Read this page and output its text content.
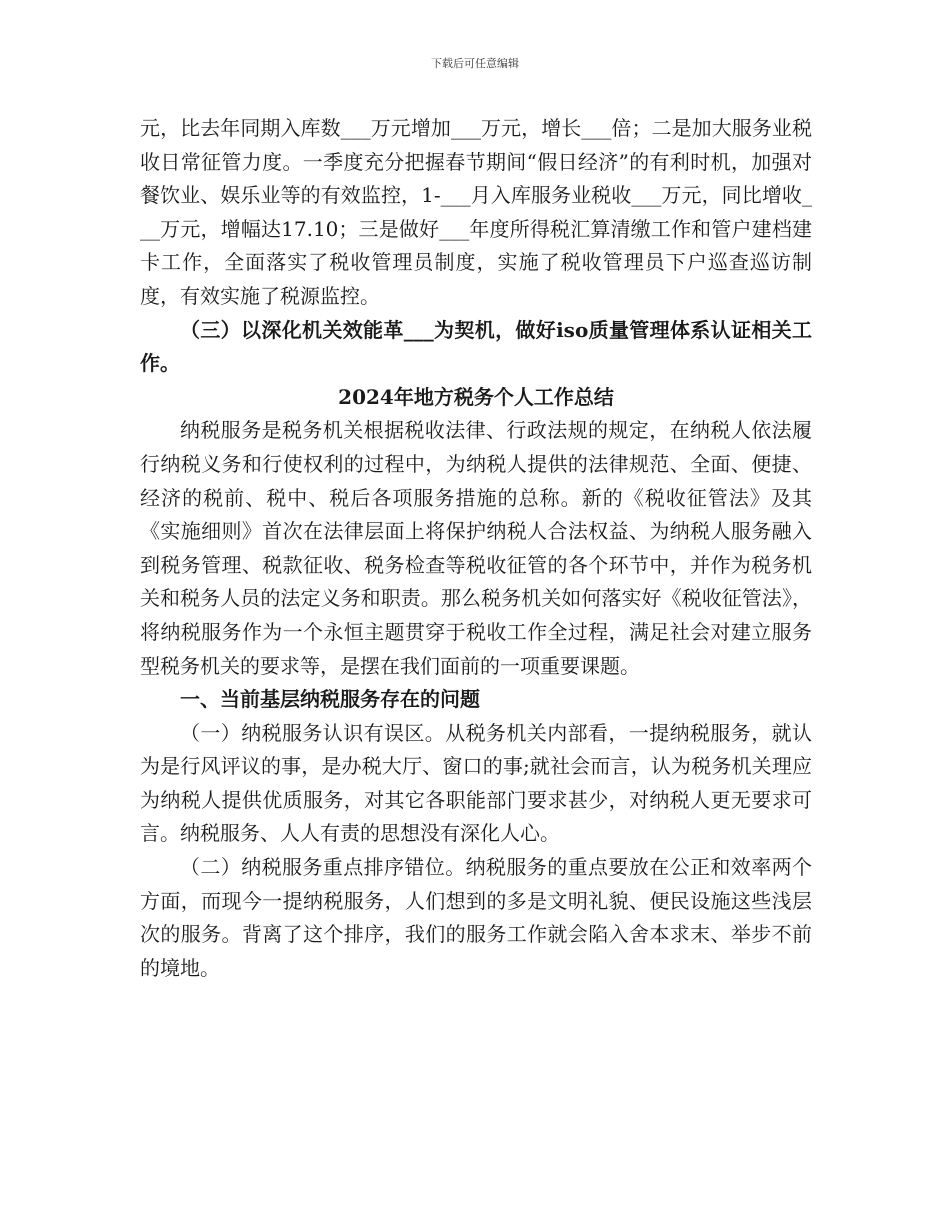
下载后可任意编辑

元，比去年同期入库数___万元增加___万元，增长___倍；二是加大服务业税收日常征管力度。一季度充分把握春节期间“假日经济”的有利时机，加强对餐饮业、娱乐业等的有效监控，1-___月入库服务业税收___万元，同比增收___万元，增幅达17.10；三是做好___年度所得税汇算清缴工作和管户建档建卡工作，全面落实了税收管理员制度，实施了税收管理员下户巡查巡访制度，有效实施了税源监控。

（三）以深化机关效能革___为契机，做好iso质量管理体系认证相关工作。

2024年地方税务个人工作总结

纳税服务是税务机关根据税收法律、行政法规的规定，在纳税人依法履行纳税义务和行使权利的过程中，为纳税人提供的法律规范、全面、便捷、经济的税前、税中、税后各项服务措施的总称。新的《税收征管法》及其《实施细则》首次在法律层面上将保护纳税人合法权益、为纳税人服务融入到税务管理、税款征收、税务检查等税收征管的各个环节中，并作为税务机关和税务人员的法定义务和职责。那么税务机关如何落实好《税收征管法》，将纳税服务作为一个永恒主题贯穿于税收工作全过程，满足社会对建立服务型税务机关的要求等，是摆在我们面前的一项重要课题。

一、当前基层纳税服务存在的问题

（一）纳税服务认识有误区。从税务机关内部看，一提纳税服务，就认为是行风评议的事，是办税大厅、窗口的事;就社会而言，认为税务机关理应为纳税人提供优质服务，对其它各职能部门要求甚少，对纳税人更无要求可言。纳税服务、人人有责的思想没有深化人心。

（二）纳税服务重点排序错位。纳税服务的重点要放在公正和效率两个方面，而现今一提纳税服务，人们想到的多是文明礼貌、便民设施这些浅层次的服务。背离了这个排序，我们的服务工作就会陷入舍本求末、举步不前的境地。
